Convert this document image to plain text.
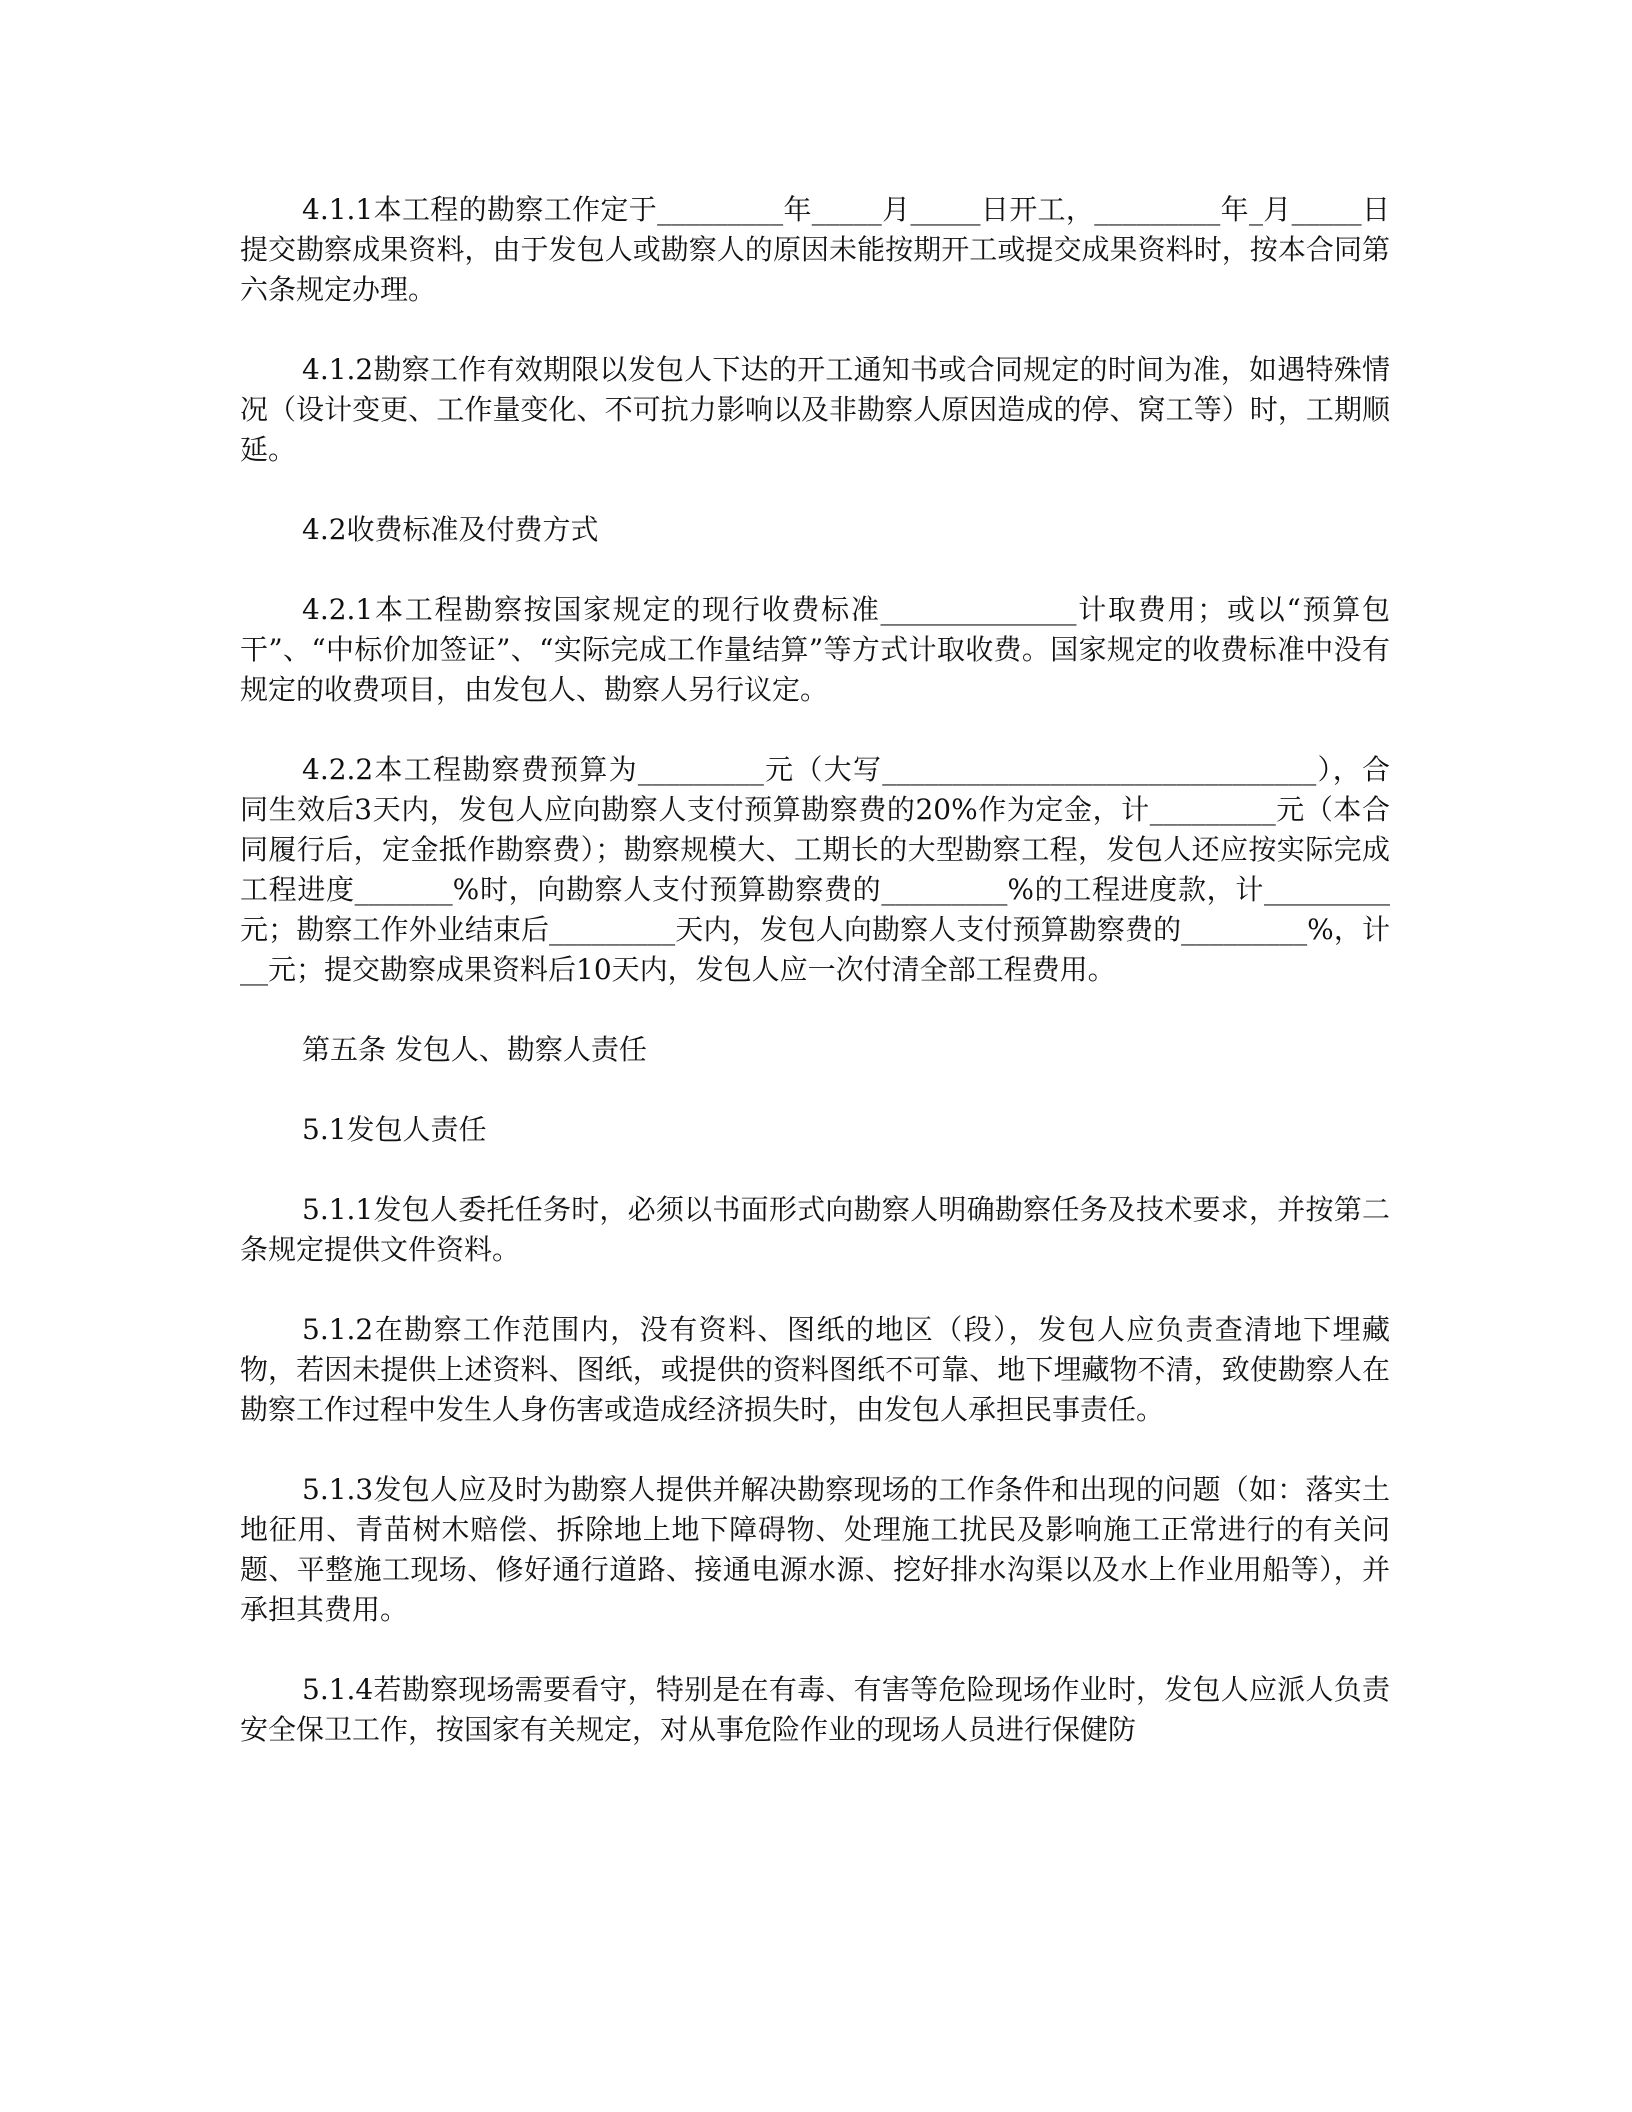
4.1.1本工程的勘察工作定于_________年_____月_____日开工，_________年_月_____日提交勘察成果资料，由于发包人或勘察人的原因未能按期开工或提交成果资料时，按本合同第六条规定办理。

4.1.2勘察工作有效期限以发包人下达的开工通知书或合同规定的时间为准，如遇特殊情况（设计变更、工作量变化、不可抗力影响以及非勘察人原因造成的停、窝工等）时，工期顺延。

4.2收费标准及付费方式

4.2.1本工程勘察按国家规定的现行收费标准______________计取费用；或以“预算包干”、“中标价加签证”、“实际完成工作量结算”等方式计取收费。国家规定的收费标准中没有规定的收费项目，由发包人、勘察人另行议定。

4.2.2本工程勘察费预算为_________元（大写_______________________________），合同生效后3天内，发包人应向勘察人支付预算勘察费的20%作为定金，计_________元（本合同履行后，定金抵作勘察费）；勘察规模大、工期长的大型勘察工程，发包人还应按实际完成工程进度_______%时，向勘察人支付预算勘察费的_________%的工程进度款，计_________元；勘察工作外业结束后_________天内，发包人向勘察人支付预算勘察费的_________%，计__元；提交勘察成果资料后10天内，发包人应一次付清全部工程费用。

第五条 发包人、勘察人责任

5.1发包人责任

5.1.1发包人委托任务时，必须以书面形式向勘察人明确勘察任务及技术要求，并按第二条规定提供文件资料。

5.1.2在勘察工作范围内，没有资料、图纸的地区（段），发包人应负责查清地下埋藏物，若因未提供上述资料、图纸，或提供的资料图纸不可靠、地下埋藏物不清，致使勘察人在勘察工作过程中发生人身伤害或造成经济损失时，由发包人承担民事责任。

5.1.3发包人应及时为勘察人提供并解决勘察现场的工作条件和出现的问题（如：落实土地征用、青苗树木赔偿、拆除地上地下障碍物、处理施工扰民及影响施工正常进行的有关问题、平整施工现场、修好通行道路、接通电源水源、挖好排水沟渠以及水上作业用船等），并承担其费用。

5.1.4若勘察现场需要看守，特别是在有毒、有害等危险现场作业时，发包人应派人负责安全保卫工作，按国家有关规定，对从事危险作业的现场人员进行保健防
